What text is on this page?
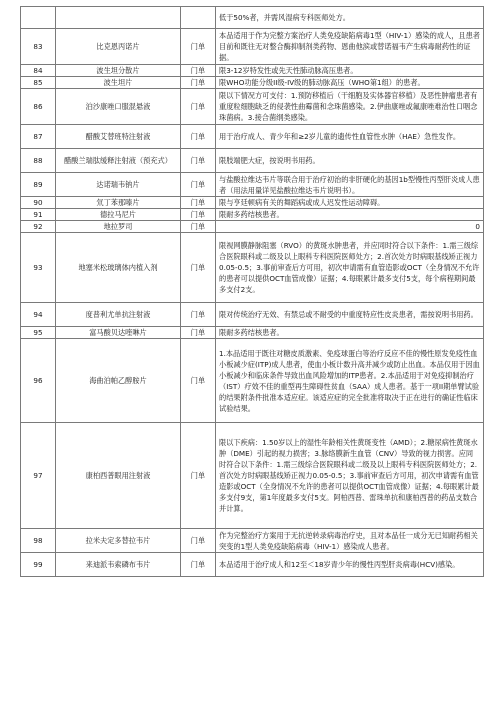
			低于50%者，并需风湿病专科医师处方。
83	比克恩丙诺片	门单	本品适用于作为完整方案治疗人类免疫缺陷病毒1型（HIV-1）感染的成人，且患者目前和既往无对整合酶抑制剂类药物、恩曲他滨或替诺福韦产生病毒耐药性的证据。
84	波生坦分散片	门单	限3-12岁特发性或先天性肺动脉高压患者。
85	波生坦片	门单	限WHO功能分级II级-IV级的肺动脉高压（WHO第1组）的患者。
86	泊沙康唑口服混悬液	门单	限以下情况方可支付：1.预防移植后（干细胞及实体器官移植）及恶性肿瘤患者有重度粒细胞缺乏的侵袭性曲霉菌和念珠菌感染。2.伊曲康唑或氟康唑难治性口咽念珠菌病。3.接合菌纲类感染。
87	醋酸艾替班特注射液	门单	用于治疗成人、青少年和≥2岁儿童的遗传性血管性水肿（HAE）急性发作。
88	醋酸兰瑞肽缓释注射液（预充式）	门单	限肢端肥大症，按说明书用药。
89	达诺瑞韦钠片	门单	与盐酸拉维达韦片等联合用于治疗初治的非肝硬化的基因1b型慢性丙型肝炎成人患者（用法用量详见盐酸拉维达韦片说明书）。
90	氘丁苯那嗪片	门单	限与亨廷顿病有关的舞蹈病或成人迟发性运动障碍。
91	德拉马尼片	门单	限耐多药结核患者。
92	地拉罗司	门单	0
93	地塞米松玻璃体内植入剂	门单	限视网膜静脉阻塞（RVO）的黄斑水肿患者，并应同时符合以下条件：1.需三级综合医院眼科或二级及以上眼科专科医院医师处方；2.首次处方时病眼基线矫正视力0.05-0.5；3.事前审查后方可用，初次申请需有血管造影或OCT（全身情况不允许的患者可以提供OCT血管成像）证据；4.每眼累计最多支付5支，每个病程期间最多支付2支。
94	度普利尤单抗注射液	门单	限对传统治疗无效、有禁忌或不耐受的中重度特应性皮炎患者，需按说明书用药。
95	富马酸贝达喹啉片	门单	限耐多药结核患者。
96	海曲泊帕乙醇胺片	门单	1.本品适用于既往对糖皮质激素、免疫球蛋白等治疗反应不佳的慢性原发免疫性血小板减少症(ITP)成人患者，使血小板计数升高并减少或防止出血。本品仅用于因血小板减少和临床条件导致出血风险增加的ITP患者。2.本品适用于对免疫抑制治疗（IST）疗效不佳的重型再生障碍性贫血（SAA）成人患者。基于一项II期单臂试验的结果附条件批准本适应症。该适应症的完全批准将取决于正在进行的确证性临床试验结果。
97	康柏西普眼用注射液	门单	限以下疾病：1.50岁以上的湿性年龄相关性黄斑变性（AMD）；2.糖尿病性黄斑水肿（DME）引起的视力损害；3.脉络膜新生血管（CNV）导致的视力损害。应同时符合以下条件：1.需三级综合医院眼科或二级及以上眼科专科医院医师处方；2.首次处方时病眼基线矫正视力0.05-0.5；3.事前审查后方可用，初次申请需有血管造影或OCT（全身情况不允许的患者可以提供OCT血管成像）证据；4.每眼累计最多支付9支，第1年度最多支付5支。阿柏西普、雷珠单抗和康柏西普的药品支数合并计算。
98	拉米夫定多替拉韦片	门单	作为完整治疗方案用于无抗逆转录病毒治疗史，且对本品任一成分无已知耐药相关突变的1型人类免疫缺陷病毒（HIV-1）感染成人患者。
99	来迪派韦索磷布韦片	门单	本品适用于治疗成人和12至＜18岁青少年的慢性丙型肝炎病毒(HCV)感染。
